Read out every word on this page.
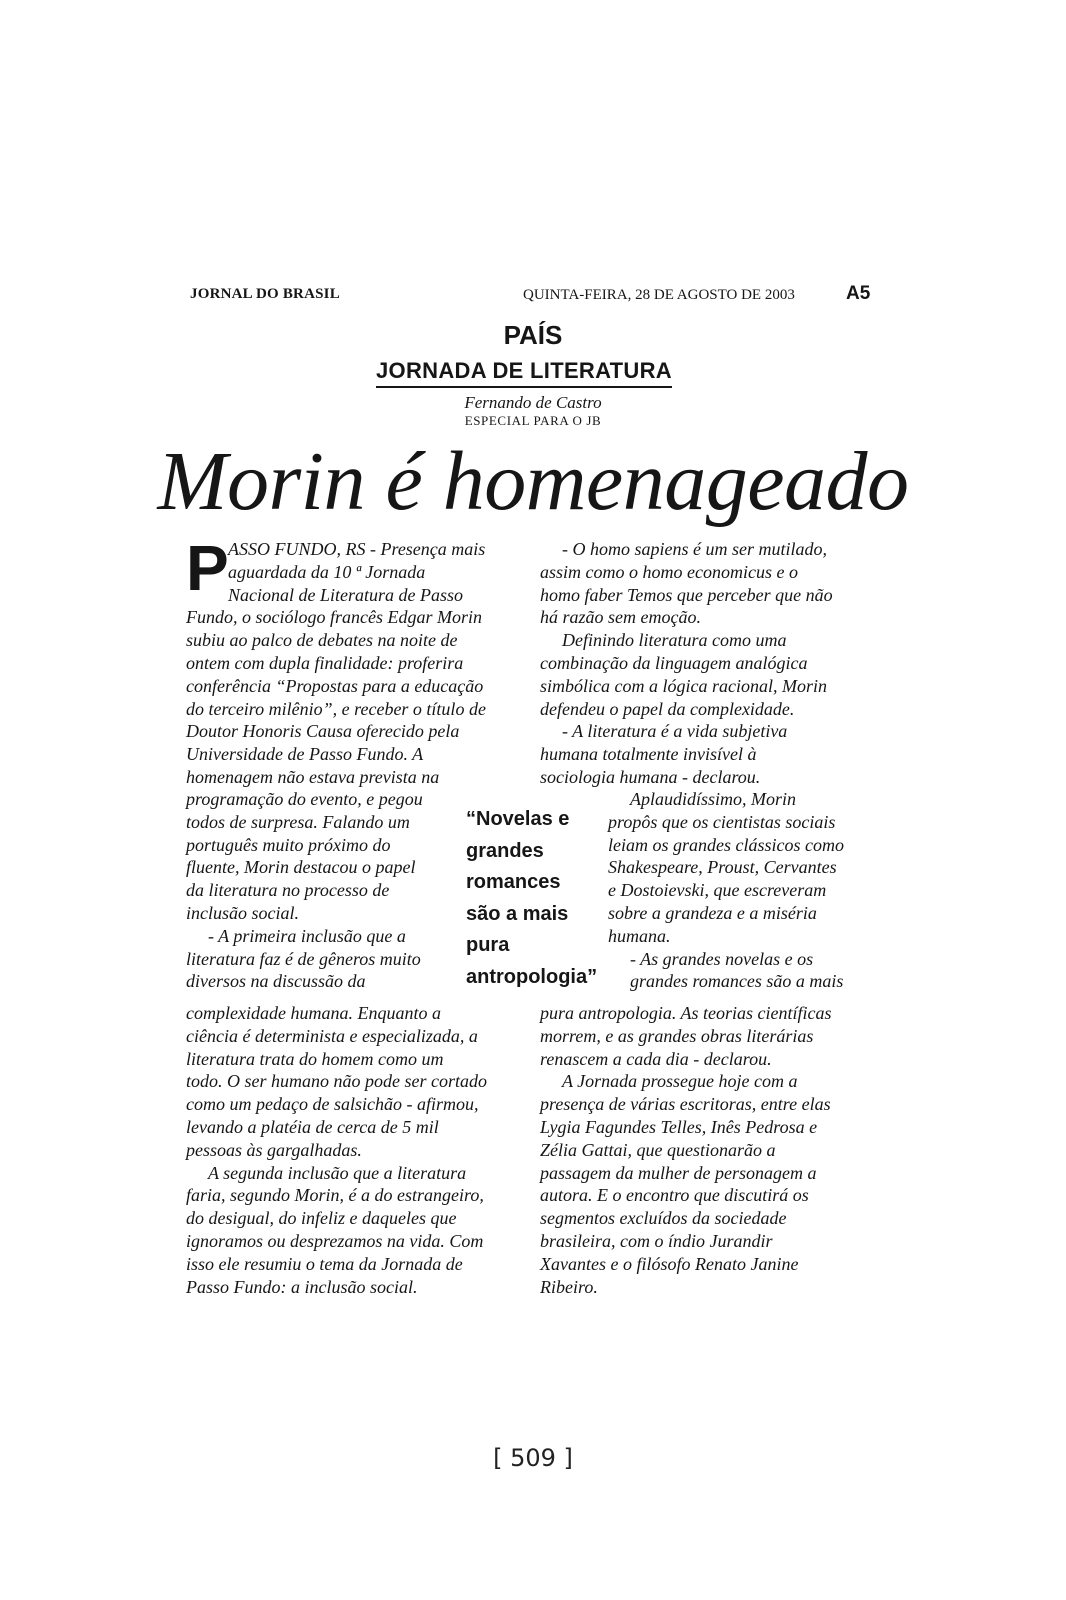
JORNAL DO BRASIL	QUINTA-FEIRA, 28 DE AGOSTO DE 2003	A5
PAÍS
JORNADA DE LITERATURA
Fernando de Castro
ESPECIAL PARA O JB
Morin é homenageado
P ASSO FUNDO, RS - Presença mais

aguardada da 10 ª Jornada

Nacional de Literatura de Passo

Fundo, o sociólogo francês Edgar Morin

subiu ao palco de debates na noite de

ontem com dupla finalidade: proferira

conferência “Propostas para a educação

do terceiro milênio”, e receber o título de

Doutor Honoris Causa oferecido pela

Universidade de Passo Fundo. A

homenagem não estava prevista na

programação do evento, e pegou

todos de surpresa. Falando um

português muito próximo do

fluente, Morin destacou o papel

da literatura no processo de

inclusão social.

- A primeira inclusão que a

literatura faz é de gêneros muito

diversos na discussão da

complexidade humana. Enquanto a

ciência é determinista e especializada, a

literatura trata do homem como um

todo. O ser humano não pode ser cortado

como um pedaço de salsichão - afirmou,

levando a platéia de cerca de 5 mil

pessoas às gargalhadas.

A segunda inclusão que a literatura

faria, segundo Morin, é a do estrangeiro,

do desigual, do infeliz e daqueles que

ignoramos ou desprezamos na vida. Com

isso ele resumiu o tema da Jornada de

Passo Fundo: a inclusão social.

“Novelas e
grandes
romances
são a mais
pura
antropologia”

- O homo sapiens é um ser mutilado,

assim como o homo economicus e o

homo faber Temos que perceber que não

há razão sem emoção.

Definindo literatura como uma

combinação da linguagem analógica

simbólica com a lógica racional, Morin

defendeu o papel da complexidade.

- A literatura é a vida subjetiva

humana totalmente invisível à

sociologia humana - declarou.

Aplaudidíssimo, Morin

propôs que os cientistas sociais

leiam os grandes clássicos como

Shakespeare, Proust, Cervantes

e Dostoievski, que escreveram

sobre a grandeza e a miséria

humana.

- As grandes novelas e os

grandes romances são a mais

pura antropologia. As teorias científicas

morrem, e as grandes obras literárias

renascem a cada dia - declarou.

A Jornada prossegue hoje com a

presença de várias escritoras, entre elas

Lygia Fagundes Telles, Inês Pedrosa e

Zélia Gattai, que questionarão a

passagem da mulher de personagem a

autora. E o encontro que discutirá os

segmentos excluídos da sociedade

brasileira, com o índio Jurandir

Xavantes e o filósofo Renato Janine

Ribeiro.

[ 509 ]
